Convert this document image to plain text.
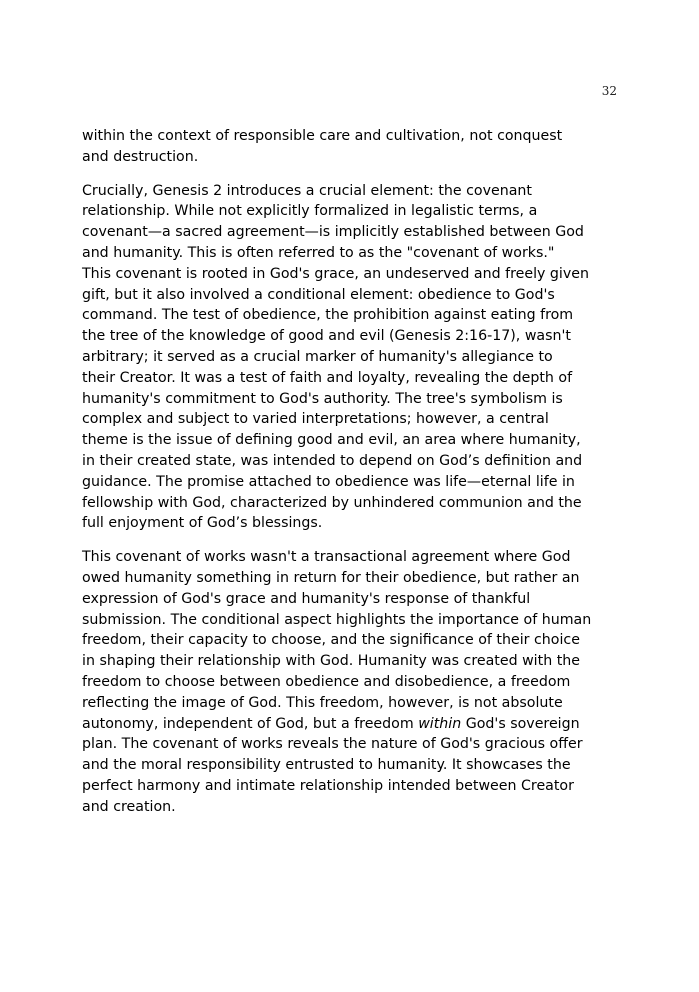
32

within the context of responsible care and cultivation, not conquest
and destruction.

Crucially, Genesis 2 introduces a crucial element: the covenant
relationship. While not explicitly formalized in legalistic terms, a
covenant—a sacred agreement—is implicitly established between God
and humanity. This is often referred to as the "covenant of works."
This covenant is rooted in God's grace, an undeserved and freely given
gift, but it also involved a conditional element: obedience to God's
command. The test of obedience, the prohibition against eating from
the tree of the knowledge of good and evil (Genesis 2:16-17), wasn't
arbitrary; it served as a crucial marker of humanity's allegiance to
their Creator. It was a test of faith and loyalty, revealing the depth of
humanity's commitment to God's authority. The tree's symbolism is
complex and subject to varied interpretations; however, a central
theme is the issue of defining good and evil, an area where humanity,
in their created state, was intended to depend on God’s definition and
guidance. The promise attached to obedience was life—eternal life in
fellowship with God, characterized by unhindered communion and the
full enjoyment of God’s blessings.

This covenant of works wasn't a transactional agreement where God
owed humanity something in return for their obedience, but rather an
expression of God's grace and humanity's response of thankful
submission. The conditional aspect highlights the importance of human
freedom, their capacity to choose, and the significance of their choice
in shaping their relationship with God. Humanity was created with the
freedom to choose between obedience and disobedience, a freedom
reflecting the image of God. This freedom, however, is not absolute
autonomy, independent of God, but a freedom within God's sovereign
plan. The covenant of works reveals the nature of God's gracious offer
and the moral responsibility entrusted to humanity. It showcases the
perfect harmony and intimate relationship intended between Creator
and creation.
